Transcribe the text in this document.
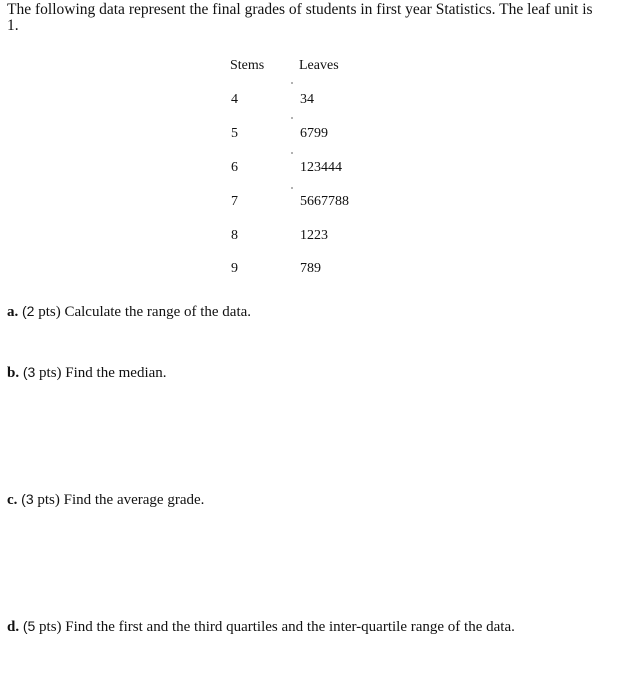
The following data represent the final grades of students in first year Statistics. The leaf unit is 1.
Stems Leaves
4	34
5	6799
6	123444
7	5667788
8	1223
9	789
a. (2 pts) Calculate the range of the data.
b. (3 pts) Find the median.
c. (3 pts) Find the average grade.
d. (5 pts) Find the first and the third quartiles and the inter-quartile range of the data.
